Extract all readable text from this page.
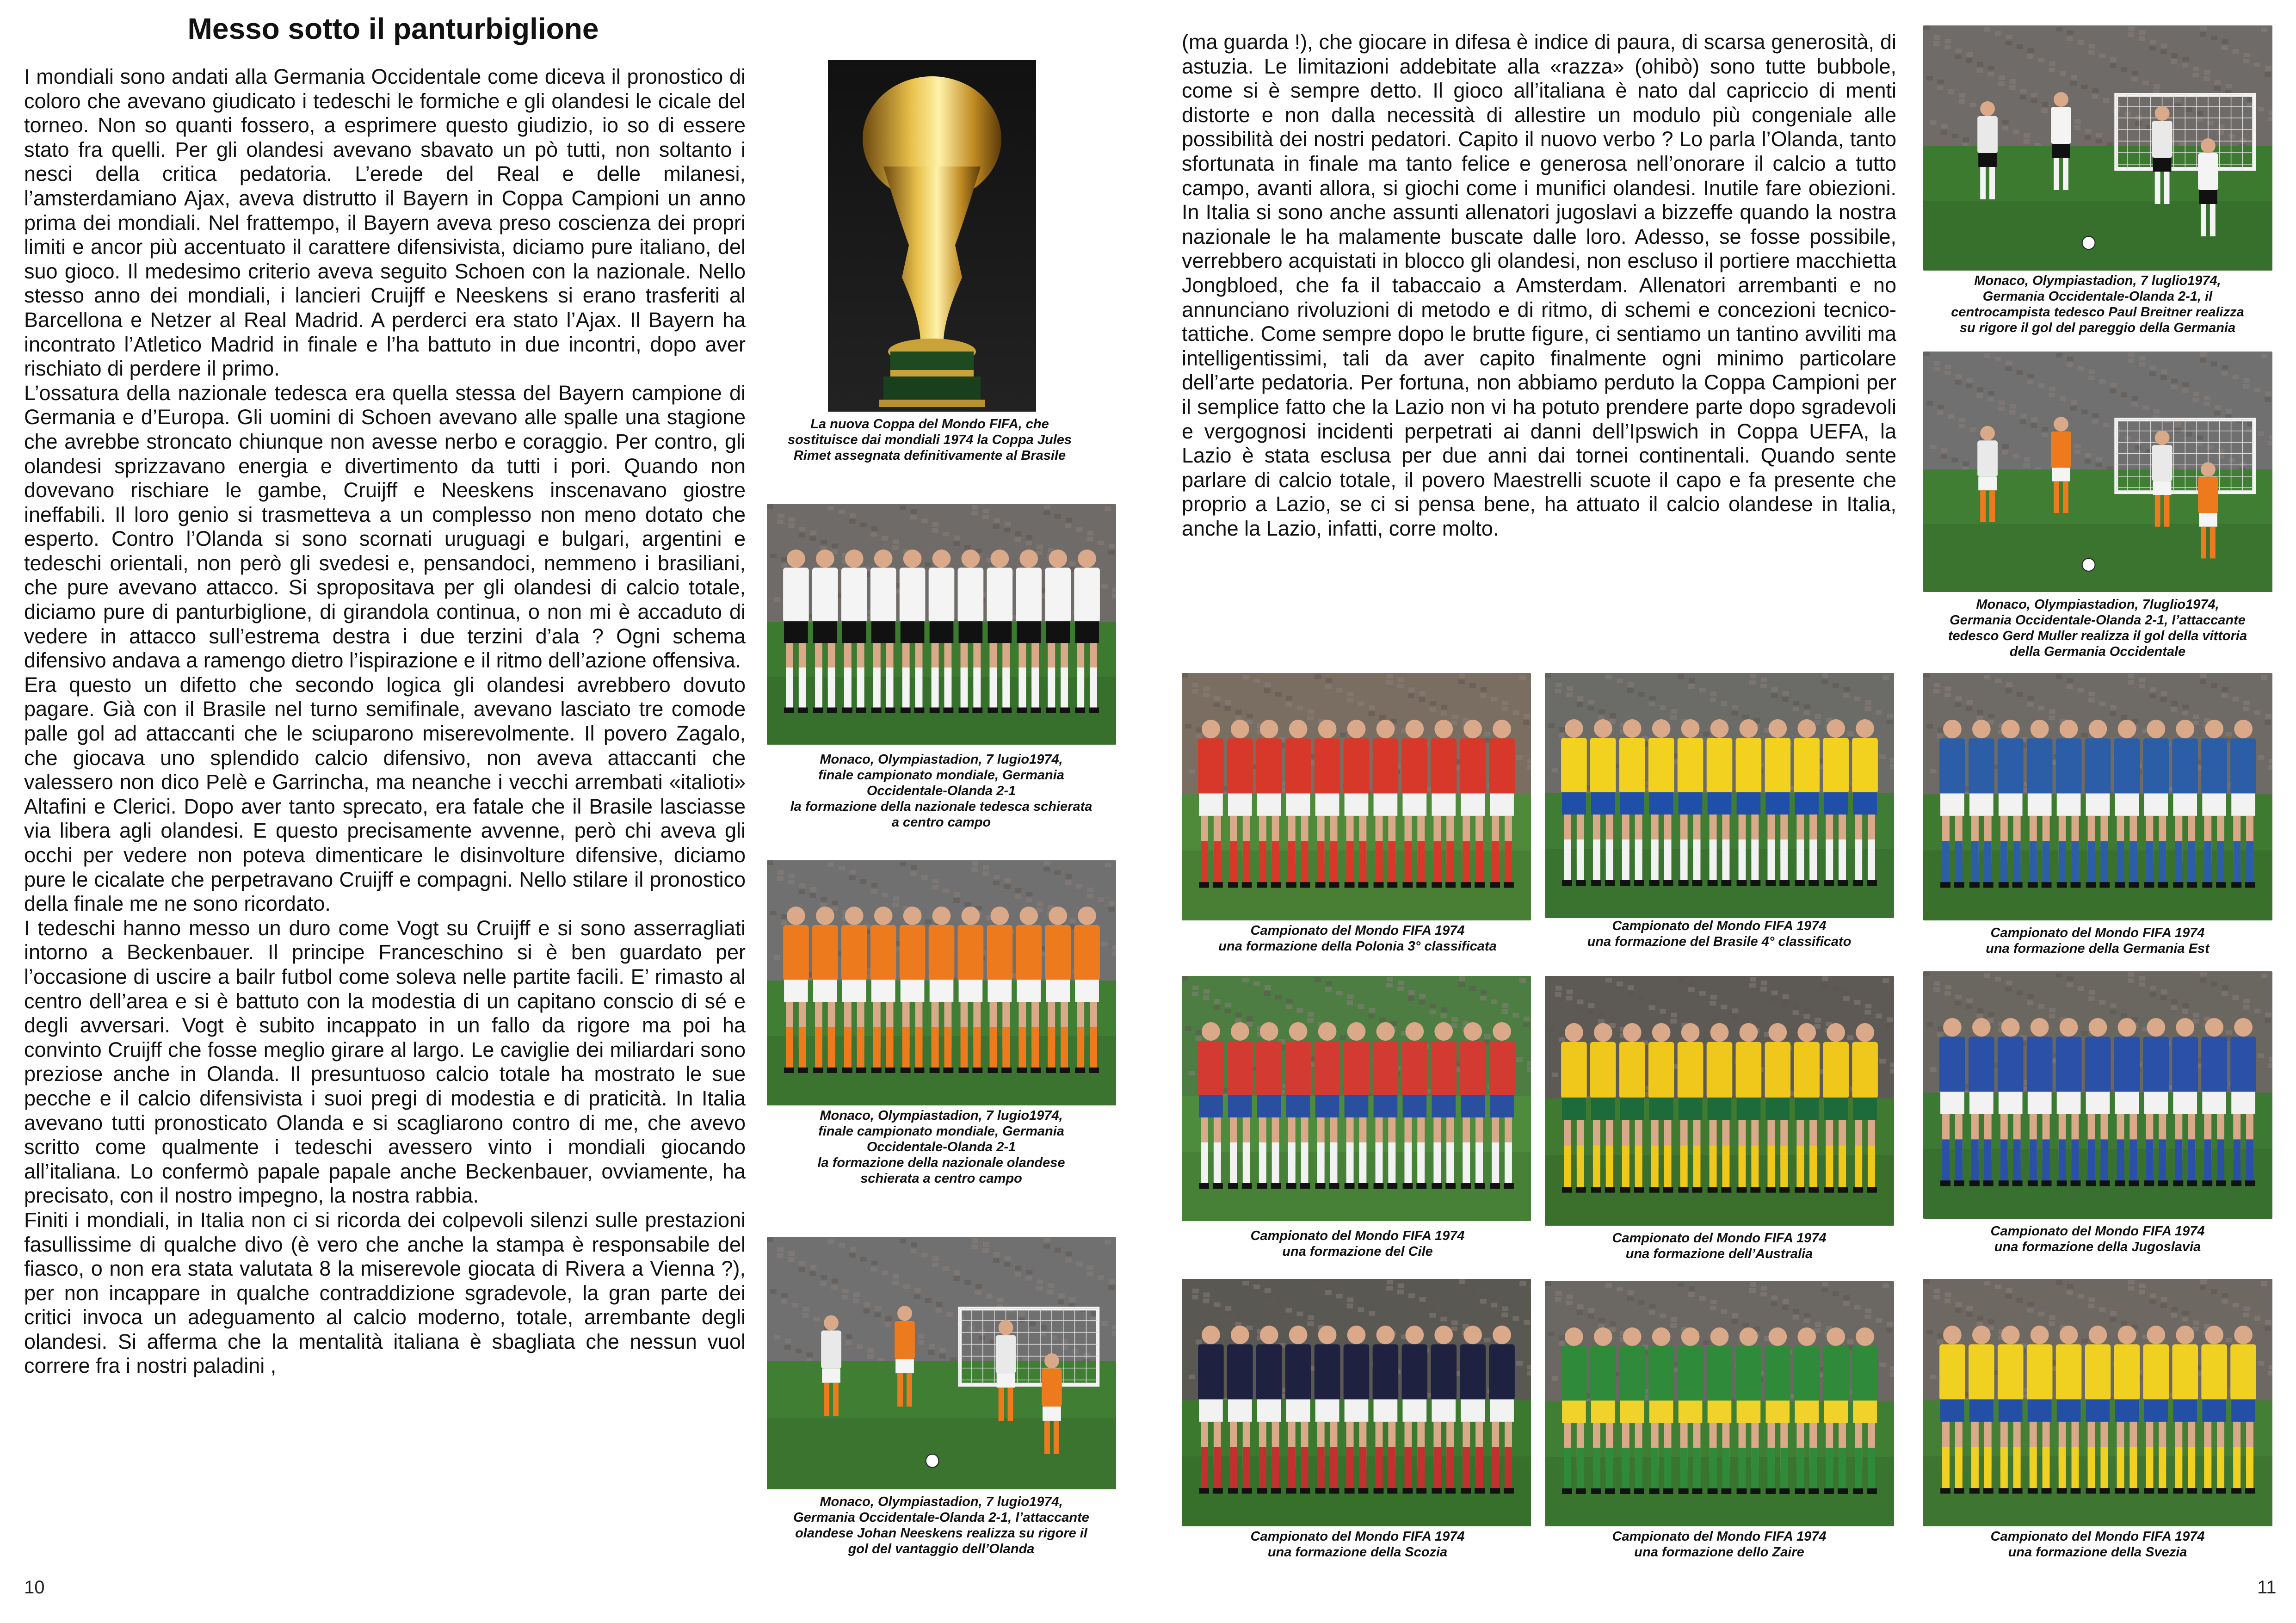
Messo sotto il panturbiglione

I mondiali sono andati alla Germania Occidentale come diceva il pronostico di coloro che avevano giudicato i tedeschi le formiche e gli olandesi le cicale del torneo. Non so quanti fossero, a esprimere questo giudizio, io so di essere stato fra quelli. Per gli olandesi avevano sbavato un pò tutti, non soltanto i nesci della critica pedatoria. L’erede del Real e delle milanesi, l’amsterdamiano Ajax, aveva distrutto il Bayern in Coppa Campioni un anno prima dei mondiali. Nel frattempo, il Bayern aveva preso coscienza dei propri limiti e ancor più accentuato il carattere difensivista, diciamo pure italiano, del suo gioco. Il medesimo criterio aveva seguito Schoen con la nazionale. Nello stesso anno dei mondiali, i lancieri Cruijff e Neeskens si erano trasferiti al Barcellona e Netzer al Real Madrid. A perderci era stato l’Ajax. Il Bayern ha incontrato l’Atletico Madrid in finale e l’ha battuto in due incontri, dopo aver rischiato di perdere il primo.

L’ossatura della nazionale tedesca era quella stessa del Bayern campione di Germania e d’Europa. Gli uomini di Schoen avevano alle spalle una stagione che avrebbe stroncato chiunque non avesse nerbo e coraggio. Per contro, gli olandesi sprizzavano energia e divertimento da tutti i pori. Quando non dovevano rischiare le gambe, Cruijff e Neeskens inscenavano giostre ineffabili. Il loro genio si trasmetteva a un complesso non meno dotato che esperto. Contro l’Olanda si sono scornati uruguagi e bulgari, argentini e tedeschi orientali, non però gli svedesi e, pensandoci, nemmeno i brasiliani, che pure avevano attacco. Si spropositava per gli olandesi di calcio totale, diciamo pure di panturbiglione, di girandola continua, o non mi è accaduto di vedere in attacco sull’estrema destra i due terzini d’ala ? Ogni schema difensivo andava a ramengo dietro l’ispirazione e il ritmo dell’azione offensiva.

Era questo un difetto che secondo logica gli olandesi avrebbero dovuto pagare. Già con il Brasile nel turno semifinale, avevano lasciato tre comode palle gol ad attaccanti che le sciuparono miserevolmente. Il povero Zagalo, che giocava uno splendido calcio difensivo, non aveva attaccanti che valessero non dico Pelè e Garrincha, ma neanche i vecchi arrembati «italioti» Altafini e Clerici. Dopo aver tanto sprecato, era fatale che il Brasile lasciasse via libera agli olandesi. E questo precisamente avvenne, però chi aveva gli occhi per vedere non poteva dimenticare le disinvolture difensive, diciamo pure le cicalate che perpetravano Cruijff e compagni. Nello stilare il pronostico della finale me ne sono ricordato.

I tedeschi hanno messo un duro come Vogt su Cruijff e si sono asserragliati intorno a Beckenbauer. Il principe Franceschino si è ben guardato per l’occasione di uscire a bailr futbol come soleva nelle partite facili. E’ rimasto al centro dell’area e si è battuto con la modestia di un capitano conscio di sé e degli avversari. Vogt è subito incappato in un fallo da rigore ma poi ha convinto Cruijff che fosse meglio girare al largo. Le caviglie dei miliardari sono preziose anche in Olanda. Il presuntuoso calcio totale ha mostrato le sue pecche e il calcio difensivista i suoi pregi di modestia e di praticità. In Italia avevano tutti pronosticato Olanda e si scagliarono contro di me, che avevo scritto come qualmente i tedeschi avessero vinto i mondiali giocando all’italiana. Lo confermò papale papale anche Beckenbauer, ovviamente, ha precisato, con il nostro impegno, la nostra rabbia.

Finiti i mondiali, in Italia non ci si ricorda dei colpevoli silenzi sulle prestazioni fasullissime di qualche divo (è vero che anche la stampa è responsabile del fiasco, o non era stata valutata 8 la miserevole giocata di Rivera a Vienna ?), per non incappare in qualche contraddizione sgradevole, la gran parte dei critici invoca un adeguamento al calcio moderno, totale, arrembante degli olandesi. Si afferma che la mentalità italiana è sbagliata che nessun vuol correre fra i nostri paladini ,

(ma guarda !), che giocare in difesa è indice di paura, di scarsa generosità, di astuzia. Le limitazioni addebitate alla «razza» (ohibò) sono tutte bubbole, come si è sempre detto. Il gioco all’italiana è nato dal capriccio di menti distorte e non dalla necessità di allestire un modulo più congeniale alle possibilità dei nostri pedatori. Capito il nuovo verbo ? Lo parla l’Olanda, tanto sfortunata in finale ma tanto felice e generosa nell’onorare il calcio a tutto campo, avanti allora, si giochi come i munifici olandesi. Inutile fare obiezioni. In Italia si sono anche assunti allenatori jugoslavi a bizzeffe quando la nostra nazionale le ha malamente buscate dalle loro. Adesso, se fosse possibile, verrebbero acquistati in blocco gli olandesi, non escluso il portiere macchietta Jongbloed, che fa il tabaccaio a Amsterdam. Allenatori arrembanti e no annunciano rivoluzioni di metodo e di ritmo, di schemi e concezioni tecnico-tattiche. Come sempre dopo le brutte figure, ci sentiamo un tantino avviliti ma intelligentissimi, tali da aver capito finalmente ogni minimo particolare dell’arte pedatoria. Per fortuna, non abbiamo perduto la Coppa Campioni per il semplice fatto che la Lazio non vi ha potuto prendere parte dopo sgradevoli e vergognosi incidenti perpetrati ai danni dell’Ipswich in Coppa UEFA, la Lazio è stata esclusa per due anni dai tornei continentali. Quando sente parlare di calcio totale, il povero Maestrelli scuote il capo e fa presente che proprio a Lazio, se ci si pensa bene, ha attuato il calcio olandese in Italia, anche la Lazio, infatti, corre molto.

La nuova Coppa del Mondo FIFA, che
sostituisce dai mondiali 1974 la Coppa Jules
Rimet assegnata definitivamente al Brasile
Monaco, Olympiastadion, 7 lugio1974,
finale campionato mondiale, Germania
Occidentale-Olanda 2-1
la formazione della nazionale tedesca schierata
a centro campo
Monaco, Olympiastadion, 7 lugio1974,
finale campionato mondiale, Germania
Occidentale-Olanda 2-1
la formazione della nazionale olandese
schierata a centro campo
Monaco, Olympiastadion, 7 lugio1974,
Germania Occidentale-Olanda 2-1, l’attaccante
olandese Johan Neeskens realizza su rigore il
gol del vantaggio dell’Olanda
Monaco, Olympiastadion, 7 luglio1974,
Germania Occidentale-Olanda 2-1, il
centrocampista tedesco Paul Breitner realizza
su rigore il gol del pareggio della Germania
Monaco, Olympiastadion, 7luglio1974,
Germania Occidentale-Olanda 2-1, l’attaccante
tedesco Gerd Muller realizza il gol della vittoria
della Germania Occidentale
Campionato del Mondo FIFA 1974
una formazione della Polonia 3° classificata
Campionato del Mondo FIFA 1974
una formazione del Brasile 4° classificato
Campionato del Mondo FIFA 1974
una formazione della Germania Est
Campionato del Mondo FIFA 1974
una formazione del Cile
Campionato del Mondo FIFA 1974
una formazione dell’Australia
Campionato del Mondo FIFA 1974
una formazione della Jugoslavia
Campionato del Mondo FIFA 1974
una formazione della Scozia
Campionato del Mondo FIFA 1974
una formazione dello Zaire
Campionato del Mondo FIFA 1974
una formazione della Svezia
10	11
